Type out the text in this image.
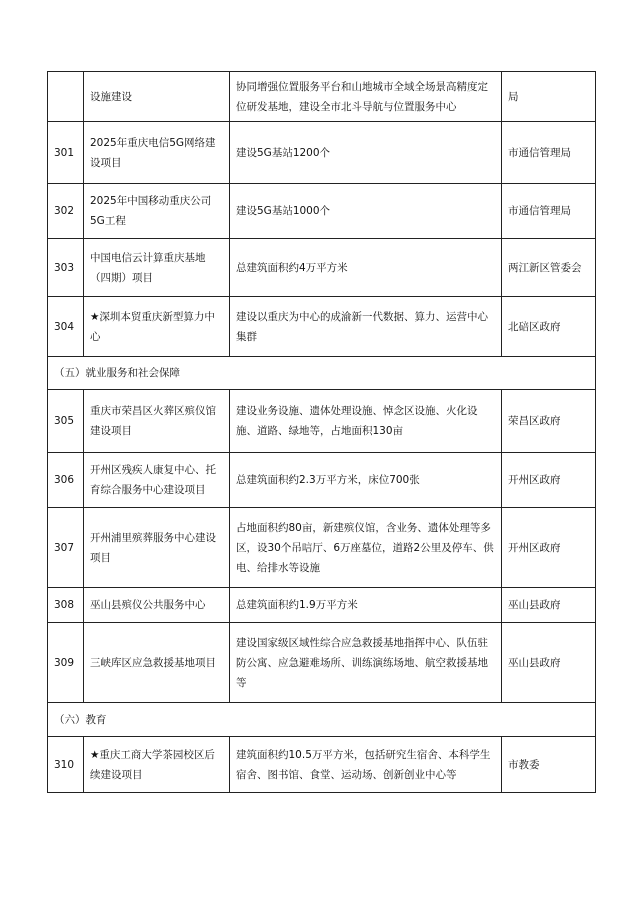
	设施建设	协同增强位置服务平台和山地城市全域全场景高精度定位研发基地，建设全市北斗导航与位置服务中心	局
301	2025年重庆电信5G网络建设项目	建设5G基站1200个	市通信管理局
302	2025年中国移动重庆公司5G工程	建设5G基站1000个	市通信管理局
303	中国电信云计算重庆基地（四期）项目	总建筑面积约4万平方米	两江新区管委会
304	★深圳本贸重庆新型算力中心	建设以重庆为中心的成渝新一代数据、算力、运营中心集群	北碚区政府
（五）就业服务和社会保障			
305	重庆市荣昌区火葬区殡仪馆建设项目	建设业务设施、遗体处理设施、悼念区设施、火化设施、道路、绿地等，占地面积130亩	荣昌区政府
306	开州区残疾人康复中心、托育综合服务中心建设项目	总建筑面积约2.3万平方米，床位700张	开州区政府
307	开州浦里殡葬服务中心建设项目	占地面积约80亩，新建殡仪馆，含业务、遗体处理等多区，设30个吊唁厅、6万座墓位，道路2公里及停车、供电、给排水等设施	开州区政府
308	巫山县殡仪公共服务中心	总建筑面积约1.9万平方米	巫山县政府
309	三峡库区应急救援基地项目	建设国家级区域性综合应急救援基地指挥中心、队伍驻防公寓、应急避难场所、训练演练场地、航空救援基地等	巫山县政府
（六）教育			
310	★重庆工商大学茶园校区后续建设项目	建筑面积约10.5万平方米，包括研究生宿舍、本科学生宿舍、图书馆、食堂、运动场、创新创业中心等	市教委
